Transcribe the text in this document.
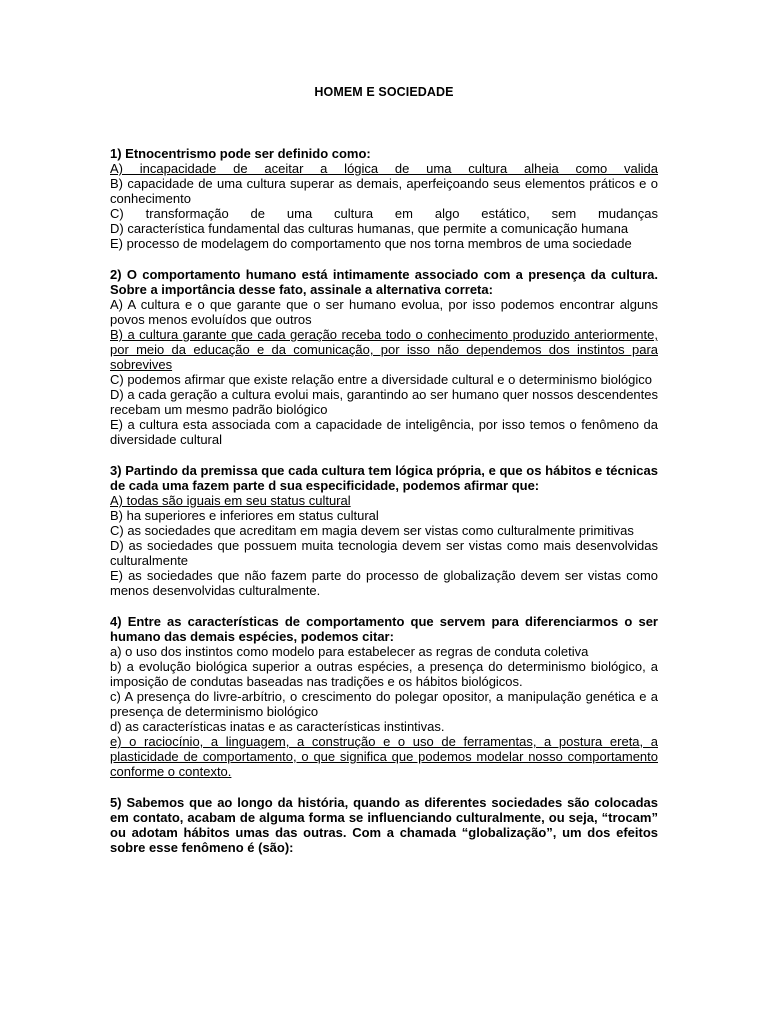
HOMEM E SOCIEDADE
1) Etnocentrismo pode ser definido como:
A) incapacidade de aceitar a lógica de uma cultura alheia como valida
B) capacidade de uma cultura superar as demais, aperfeiçoando seus elementos práticos e o conhecimento
C) transformação de uma cultura em algo estático, sem mudanças
D) característica fundamental das culturas humanas, que permite a comunicação humana
E) processo de modelagem do comportamento que nos torna membros de uma sociedade
2) O comportamento humano está intimamente associado com a presença da cultura. Sobre a importância desse fato, assinale a alternativa correta:
A) A cultura e o que garante que o ser humano evolua, por isso podemos encontrar alguns povos menos evoluídos que outros
B) a cultura garante que cada geração receba todo o conhecimento produzido anteriormente, por meio da educação e da comunicação, por isso não dependemos dos instintos para sobrevives
C) podemos afirmar que existe relação entre a diversidade cultural e o determinismo biológico
D) a cada geração a cultura evolui mais, garantindo ao ser humano quer nossos descendentes recebam um mesmo padrão biológico
E) a cultura esta associada com a capacidade de inteligência, por isso temos o fenômeno da diversidade cultural
3) Partindo da premissa que cada cultura tem lógica própria, e que os hábitos e técnicas de cada uma fazem parte d sua especificidade, podemos afirmar que:
A) todas são iguais em seu status cultural
B) ha superiores e inferiores em status cultural
C) as sociedades que acreditam em magia devem ser vistas como culturalmente primitivas
D) as sociedades que possuem muita tecnologia devem ser vistas como mais desenvolvidas culturalmente
E) as sociedades que não fazem parte do processo de globalização devem ser vistas como menos desenvolvidas culturalmente.
4) Entre as características de comportamento que servem para diferenciarmos o ser humano das demais espécies, podemos citar:
a) o uso dos instintos como modelo para estabelecer as regras de conduta coletiva
b) a evolução biológica superior a outras espécies, a presença do determinismo biológico, a imposição de condutas baseadas nas tradições e os hábitos biológicos.
c) A presença do livre-arbítrio, o crescimento do polegar opositor, a manipulação genética e a presença de determinismo biológico
d) as características inatas e as características instintivas.
e) o raciocínio, a linguagem, a construção e o uso de ferramentas, a postura ereta, a plasticidade de comportamento, o que significa que podemos modelar nosso comportamento conforme o contexto.
5) Sabemos que ao longo da história, quando as diferentes sociedades são colocadas em contato, acabam de alguma forma se influenciando culturalmente, ou seja, “trocam” ou adotam hábitos umas das outras. Com a chamada “globalização”, um dos efeitos sobre esse fenômeno é (são):
